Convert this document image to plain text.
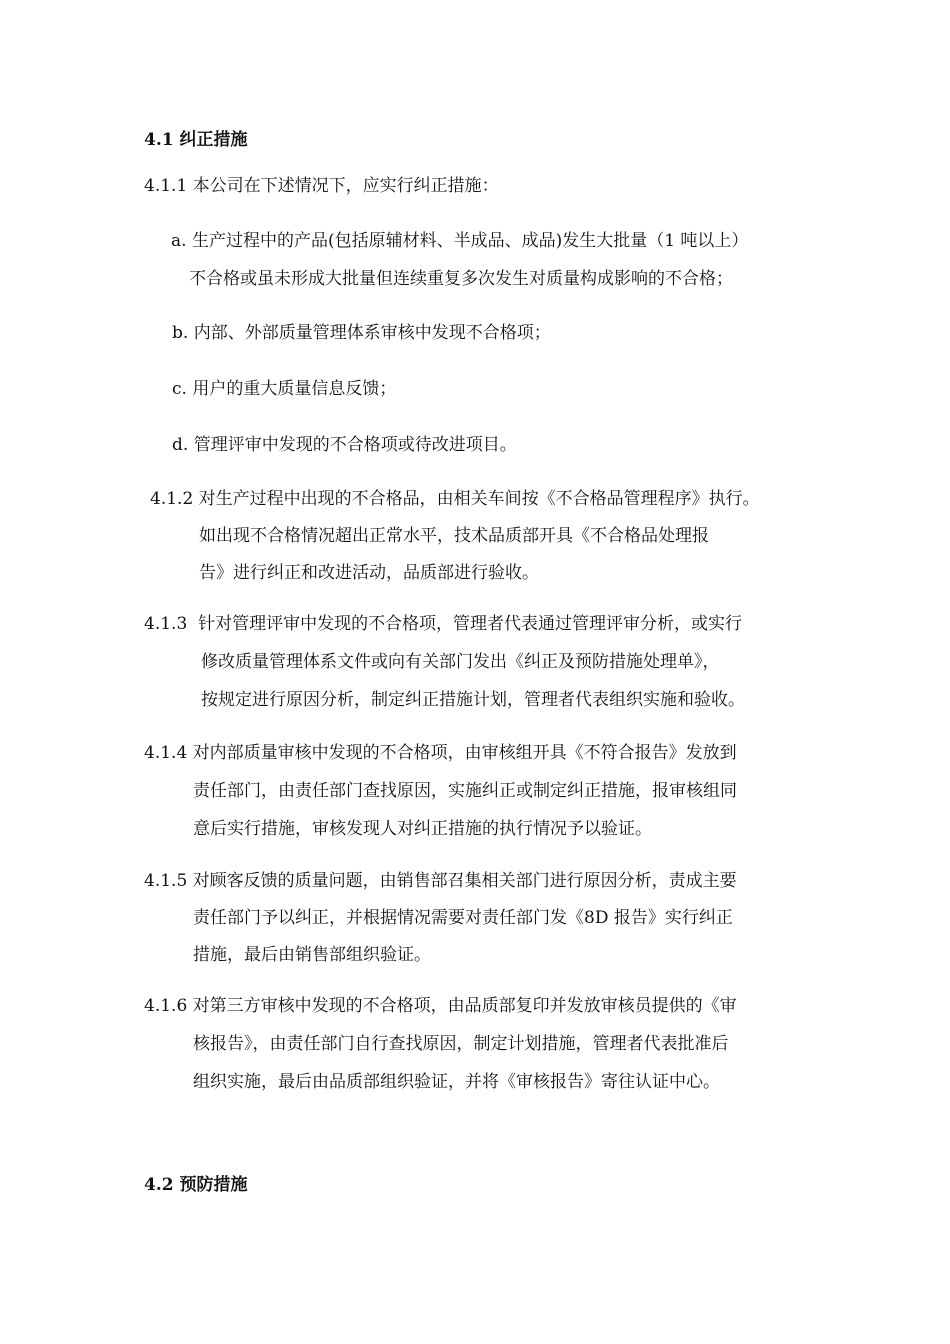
4.1 纠正措施
4.1.1 本公司在下述情况下，应实行纠正措施：
a. 生产过程中的产品(包括原辅材料、半成品、成品)发生大批量（1 吨以上）
不合格或虽未形成大批量但连续重复多次发生对质量构成影响的不合格；
b. 内部、外部质量管理体系审核中发现不合格项；
c. 用户的重大质量信息反馈；
d. 管理评审中发现的不合格项或待改进项目。
4.1.2 对生产过程中出现的不合格品，由相关车间按《不合格品管理程序》执行。
如出现不合格情况超出正常水平，技术品质部开具《不合格品处理报
告》进行纠正和改进活动，品质部进行验收。
4.1.3  针对管理评审中发现的不合格项，管理者代表通过管理评审分析，或实行
修改质量管理体系文件或向有关部门发出《纠正及预防措施处理单》，
按规定进行原因分析，制定纠正措施计划，管理者代表组织实施和验收。
4.1.4 对内部质量审核中发现的不合格项，由审核组开具《不符合报告》发放到
责任部门，由责任部门查找原因，实施纠正或制定纠正措施，报审核组同
意后实行措施，审核发现人对纠正措施的执行情况予以验证。
4.1.5 对顾客反馈的质量问题，由销售部召集相关部门进行原因分析，责成主要
责任部门予以纠正，并根据情况需要对责任部门发《8D 报告》实行纠正
措施，最后由销售部组织验证。
4.1.6 对第三方审核中发现的不合格项，由品质部复印并发放审核员提供的《审
核报告》，由责任部门自行查找原因，制定计划措施，管理者代表批准后
组织实施，最后由品质部组织验证，并将《审核报告》寄往认证中心。
4.2 预防措施
